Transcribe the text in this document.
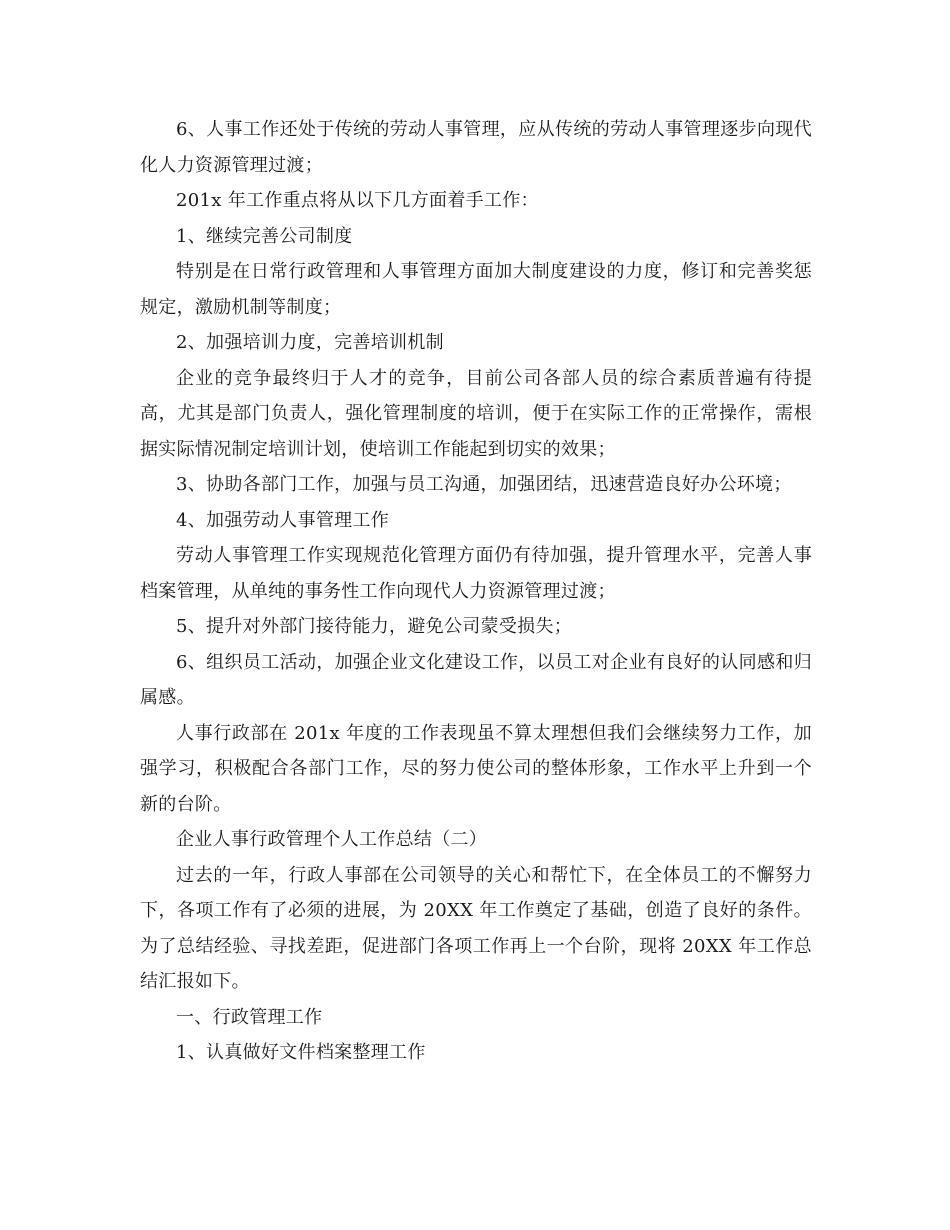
6、人事工作还处于传统的劳动人事管理，应从传统的劳动人事管理逐步向现代化人力资源管理过渡；

201x 年工作重点将从以下几方面着手工作：

1、继续完善公司制度

特别是在日常行政管理和人事管理方面加大制度建设的力度，修订和完善奖惩规定，激励机制等制度；

2、加强培训力度，完善培训机制

企业的竞争最终归于人才的竞争，目前公司各部人员的综合素质普遍有待提高，尤其是部门负责人，强化管理制度的培训，便于在实际工作的正常操作，需根据实际情况制定培训计划，使培训工作能起到切实的效果；

3、协助各部门工作，加强与员工沟通，加强团结，迅速营造良好办公环境；

4、加强劳动人事管理工作

劳动人事管理工作实现规范化管理方面仍有待加强，提升管理水平，完善人事档案管理，从单纯的事务性工作向现代人力资源管理过渡；

5、提升对外部门接待能力，避免公司蒙受损失；

6、组织员工活动，加强企业文化建设工作，以员工对企业有良好的认同感和归属感。

人事行政部在 201x 年度的工作表现虽不算太理想但我们会继续努力工作，加强学习，积极配合各部门工作，尽的努力使公司的整体形象，工作水平上升到一个新的台阶。

企业人事行政管理个人工作总结（二）

过去的一年，行政人事部在公司领导的关心和帮忙下，在全体员工的不懈努力下，各项工作有了必须的进展，为 20XX 年工作奠定了基础，创造了良好的条件。为了总结经验、寻找差距，促进部门各项工作再上一个台阶，现将 20XX 年工作总结汇报如下。

一、行政管理工作

1、认真做好文件档案整理工作
